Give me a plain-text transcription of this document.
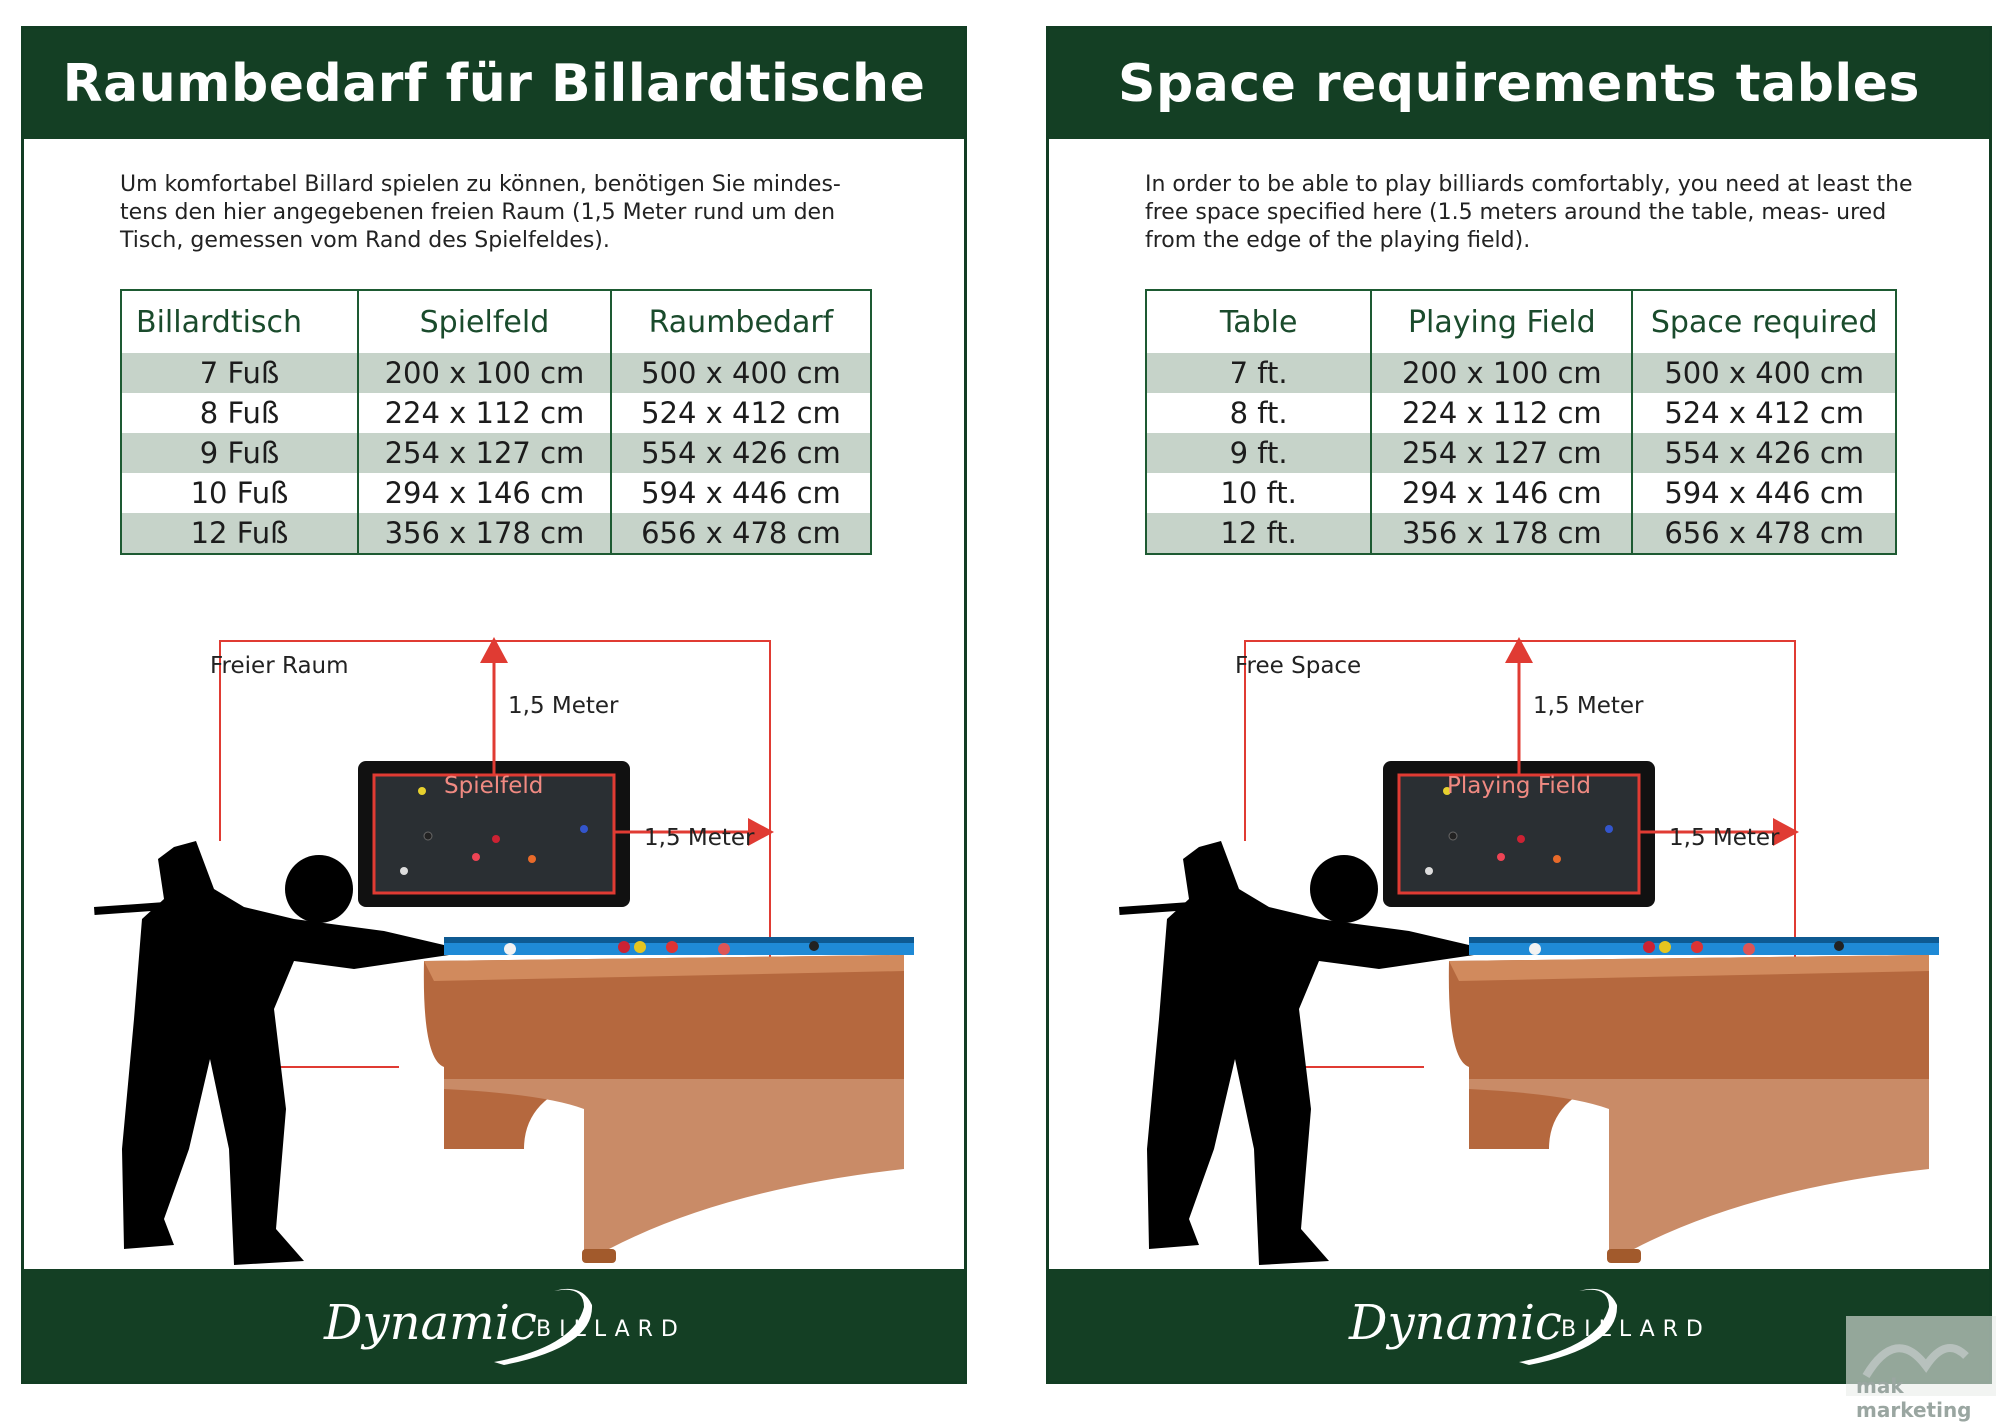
Raumbedarf für Billardtische
Um komfortabel Billard spielen zu können, benötigen Sie mindes- tens den hier angegebenen freien Raum (1,5 Meter rund um den Tisch, gemessen vom Rand des Spielfeldes).
Billardtisch	Spielfeld	Raumbedarf
7 Fuß	200 x 100 cm	500 x 400 cm
8 Fuß	224 x 112 cm	524 x 412 cm
9 Fuß	254 x 127 cm	554 x 426 cm
10 Fuß	294 x 146 cm	594 x 446 cm
12 Fuß	356 x 178 cm	656 x 478 cm
Freier Raum
1,5 Meter
1,5 Meter
Spielfeld
Dynamic BILLARD
Space requirements tables
In order to be able to play billiards comfortably, you need at least the free space specified here (1.5 meters around the table, meas- ured from the edge of the playing field).
Table	Playing Field	Space required
7 ft.	200 x 100 cm	500 x 400 cm
8 ft.	224 x 112 cm	524 x 412 cm
9 ft.	254 x 127 cm	554 x 426 cm
10 ft.	294 x 146 cm	594 x 446 cm
12 ft.	356 x 178 cm	656 x 478 cm
Free Space
1,5 Meter
1,5 Meter
Playing Field
Dynamic BILLARD
mak marketing
